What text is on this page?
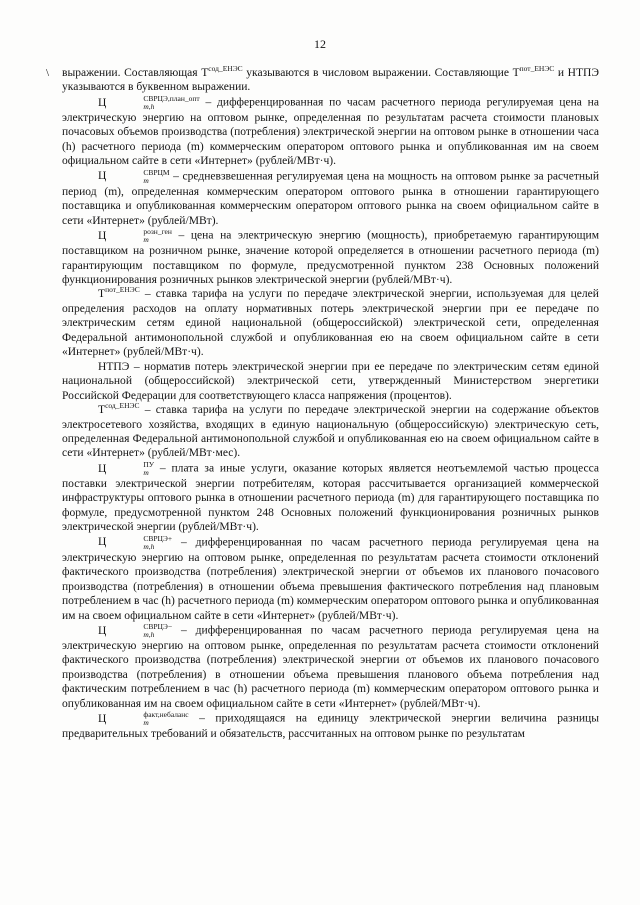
12
\ выражении. Составляющая $Т^{сод\_ЕНЭС}$ указываются в числовом выражении. Составляющие $Т^{пот\_ЕНЭС}$ и НТПЭ указываются в буквенном выражении.

Ц	СВРЦЭ,план_опт
m,h	– дифференцированная по часам расчетного периода регулируемая цена на электрическую энергию на оптовом рынке, определенная по результатам расчета стоимости плановых почасовых объемов производства (потребления) электрической энергии на оптовом рынке в отношении часа (h) расчетного периода (m) коммерческим оператором оптового рынка и опубликованная им на своем официальном сайте в сети «Интернет» (рублей/МВт·ч).

Ц	СВРЦМ
m	– средневзвешенная регулируемая цена на мощность на оптовом рынке за расчетный период (m), определенная коммерческим оператором оптового рынка в отношении гарантирующего поставщика и опубликованная коммерческим оператором оптового рынка на своем официальном сайте в сети «Интернет» (рублей/МВт).

Ц	розн_ген
m	– цена на электрическую энергию (мощность), приобретаемую гарантирующим поставщиком на розничном рынке, значение которой определяется в отношении расчетного периода (m) гарантирующим поставщиком по формуле, предусмотренной пунктом 238 Основных положений функционирования розничных рынков электрической энергии (рублей/МВт·ч).

$Т^{пот\_ЕНЭС}$ – ставка тарифа на услуги по передаче электрической энергии, используемая для целей определения расходов на оплату нормативных потерь электрической энергии при ее передаче по электрическим сетям единой национальной (общероссийской) электрической сети, определенная Федеральной антимонопольной службой и опубликованная ею на своем официальном сайте в сети «Интернет» (рублей/МВт·ч).

НТПЭ – норматив потерь электрической энергии при ее передаче по электрическим сетям единой национальной (общероссийской) электрической сети, утвержденный Министерством энергетики Российской Федерации для соответствующего класса напряжения (процентов).

$Т^{сод\_ЕНЭС}$ – ставка тарифа на услуги по передаче электрической энергии на содержание объектов электросетевого хозяйства, входящих в единую национальную (общероссийскую) электрическую сеть, определенная Федеральной антимонопольной службой и опубликованная ею на своем официальном сайте в сети «Интернет» (рублей/МВт·мес).

Ц	ПУ
m – плата за иные услуги, оказание которых является неотъемлемой частью процесса поставки электрической энергии потребителям, которая рассчитывается организацией коммерческой инфраструктуры оптового рынка в отношении расчетного периода (m) для гарантирующего поставщика по формуле, предусмотренной пунктом 248 Основных положений функционирования розничных рынков электрической энергии (рублей/МВт·ч).

Ц	СВРЦЭ+
m,h	– дифференцированная по часам расчетного периода регулируемая цена на электрическую энергию на оптовом рынке, определенная по результатам расчета стоимости отклонений фактического производства (потребления) электрической энергии от объемов их планового почасового производства (потребления) в отношении объема превышения фактического потребления над плановым потреблением в час (h) расчетного периода (m) коммерческим оператором оптового рынка и опубликованная им на своем официальном сайте в сети «Интернет» (рублей/МВт·ч).

Ц	СВРЦЭ−
m,h	– дифференцированная по часам расчетного периода регулируемая цена на электрическую энергию на оптовом рынке, определенная по результатам расчета стоимости отклонений фактического производства (потребления) электрической энергии от объемов их планового почасового производства (потребления) в отношении объема превышения планового объема потребления над фактическим потреблением в час (h) расчетного периода (m) коммерческим оператором оптового рынка и опубликованная им на своем официальном сайте в сети «Интернет» (рублей/МВт·ч).

Ц	факт,небаланс
m	– приходящаяся на единицу электрической энергии величина разницы предварительных требований и обязательств, рассчитанных на оптовом рынке по результатам
